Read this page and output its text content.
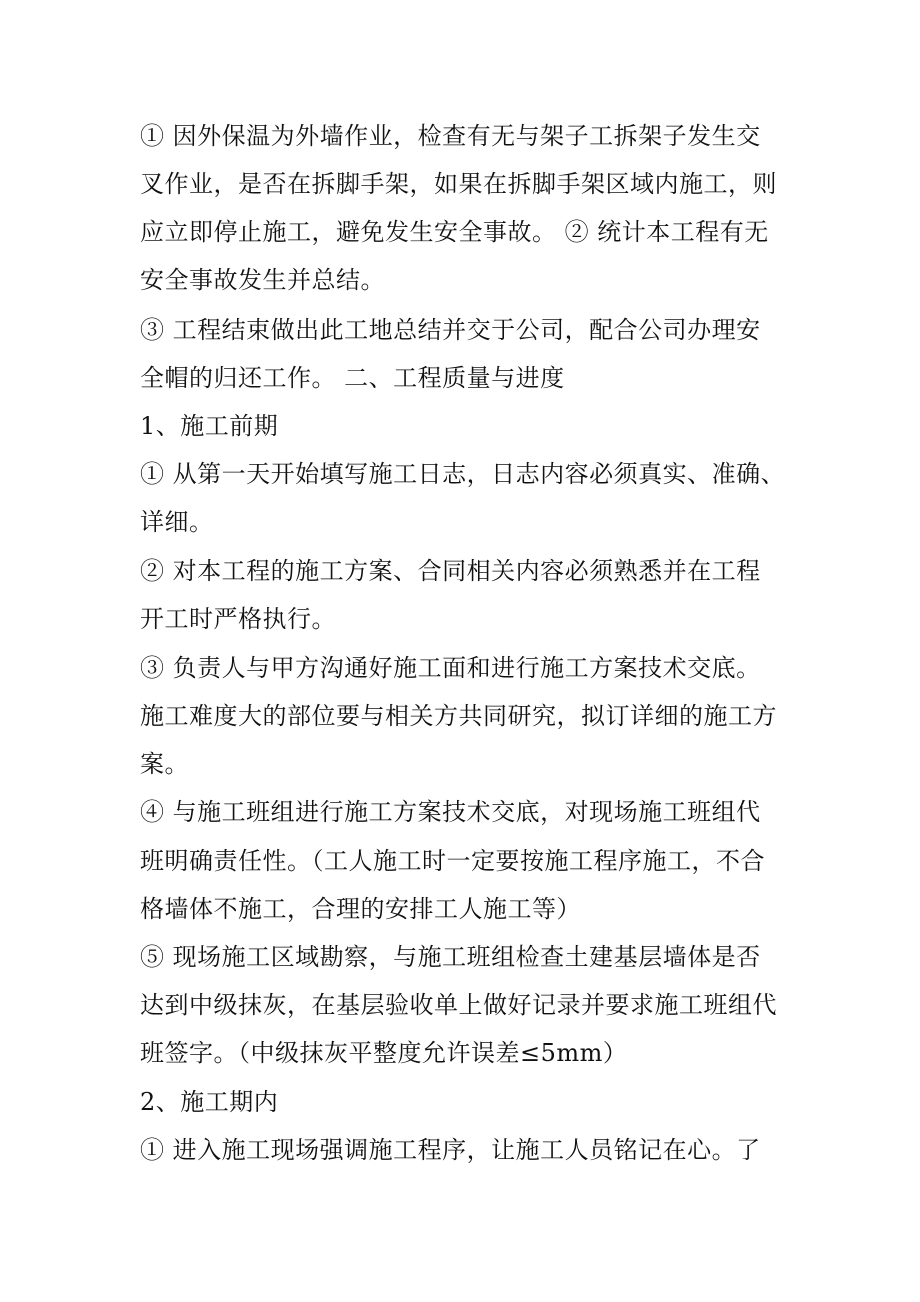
① 因外保温为外墙作业，检查有无与架子工拆架子发生交
叉作业，是否在拆脚手架，如果在拆脚手架区域内施工，则
应立即停止施工，避免发生安全事故。 ② 统计本工程有无
安全事故发生并总结。
③ 工程结束做出此工地总结并交于公司，配合公司办理安
全帽的归还工作。 二、工程质量与进度
1、施工前期
① 从第一天开始填写施工日志，日志内容必须真实、准确、
详细。
② 对本工程的施工方案、合同相关内容必须熟悉并在工程
开工时严格执行。
③ 负责人与甲方沟通好施工面和进行施工方案技术交底。
施工难度大的部位要与相关方共同研究，拟订详细的施工方
案。
④ 与施工班组进行施工方案技术交底，对现场施工班组代
班明确责任性。（工人施工时一定要按施工程序施工，不合
格墙体不施工，合理的安排工人施工等）
⑤ 现场施工区域勘察，与施工班组检查土建基层墙体是否
达到中级抹灰，在基层验收单上做好记录并要求施工班组代
班签字。（中级抹灰平整度允许误差≤5mm）
2、施工期内
① 进入施工现场强调施工程序，让施工人员铭记在心。了
